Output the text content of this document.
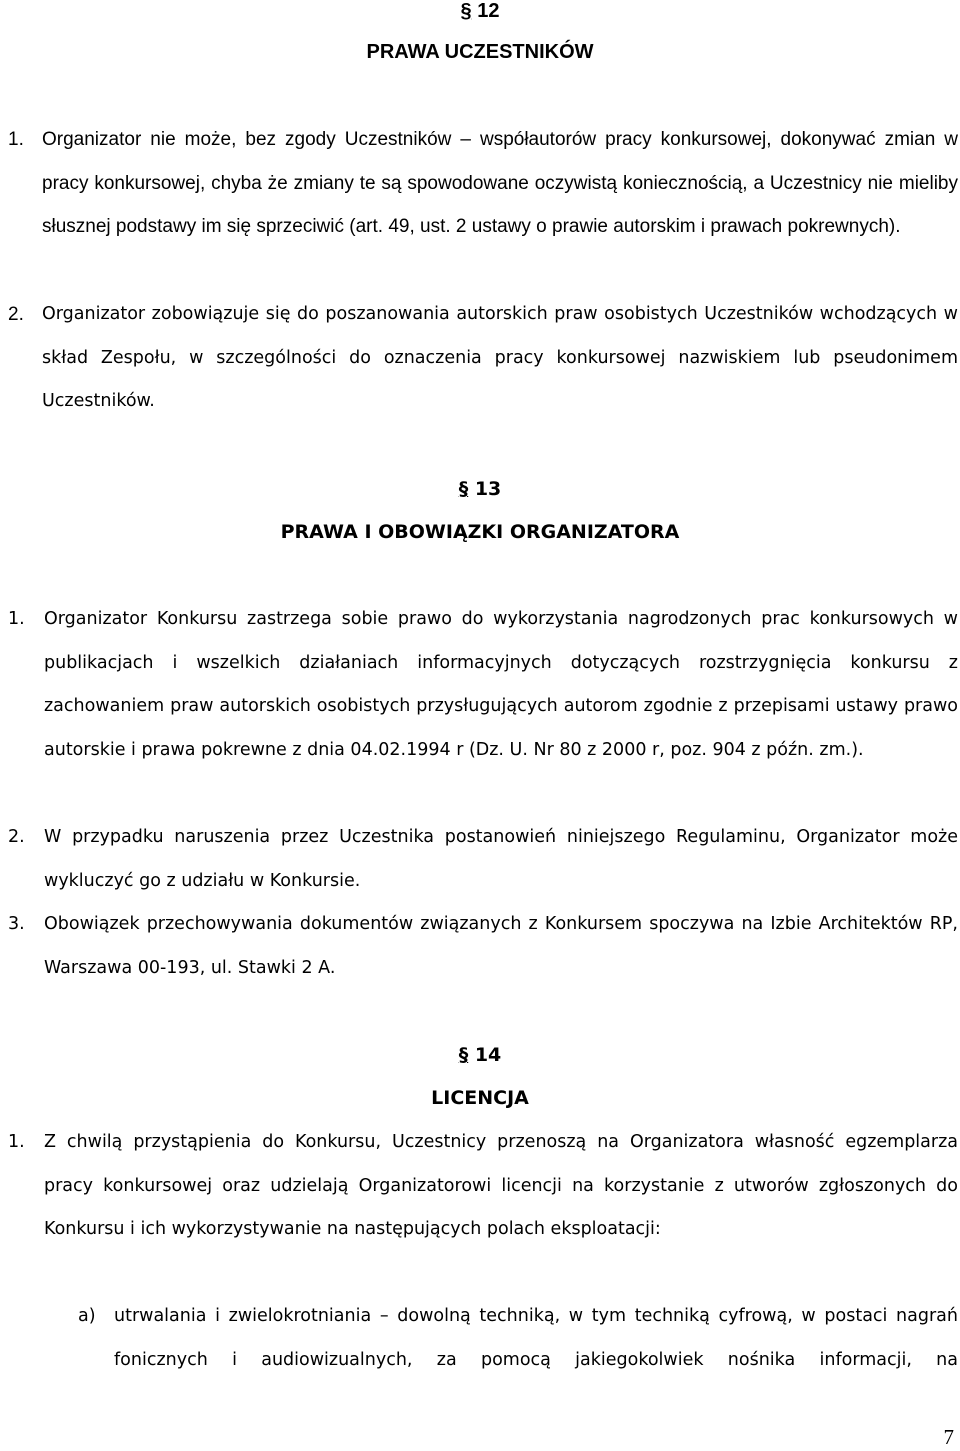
§ 12
PRAWA UCZESTNIKÓW
1. Organizator nie może, bez zgody Uczestników – współautorów pracy konkursowej, dokonywać zmian w pracy konkursowej, chyba że zmiany te są spowodowane oczywistą koniecznością, a Uczestnicy nie mieliby słusznej podstawy im się sprzeciwić (art. 49, ust. 2 ustawy o prawie autorskim i prawach pokrewnych).
2. Organizator zobowiązuje się do poszanowania autorskich praw osobistych Uczestników wchodzących w skład Zespołu, w szczególności do oznaczenia pracy konkursowej nazwiskiem lub pseudonimem Uczestników.
§ 13
PRAWA I OBOWIĄZKI ORGANIZATORA
1. Organizator Konkursu zastrzega sobie prawo do wykorzystania nagrodzonych prac konkursowych w publikacjach i wszelkich działaniach informacyjnych dotyczących rozstrzygnięcia konkursu z zachowaniem praw autorskich osobistych przysługujących autorom zgodnie z przepisami ustawy prawo autorskie i prawa pokrewne z dnia 04.02.1994 r (Dz. U. Nr 80 z 2000 r, poz. 904 z późn. zm.).
2. W przypadku naruszenia przez Uczestnika postanowień niniejszego Regulaminu, Organizator może wykluczyć go z udziału w Konkursie.
3. Obowiązek przechowywania dokumentów związanych z Konkursem spoczywa na Izbie Architektów RP, Warszawa 00-193, ul. Stawki 2 A.
§ 14
LICENCJA
1. Z chwilą przystąpienia do Konkursu, Uczestnicy przenoszą na Organizatora własność egzemplarza pracy konkursowej oraz udzielają Organizatorowi licencji na korzystanie z utworów zgłoszonych do Konkursu i ich wykorzystywanie na następujących polach eksploatacji:
a) utrwalania i zwielokrotniania – dowolną techniką, w tym techniką cyfrową, w postaci nagrań fonicznych i audiowizualnych, za pomocą jakiegokolwiek nośnika informacji, na
7
